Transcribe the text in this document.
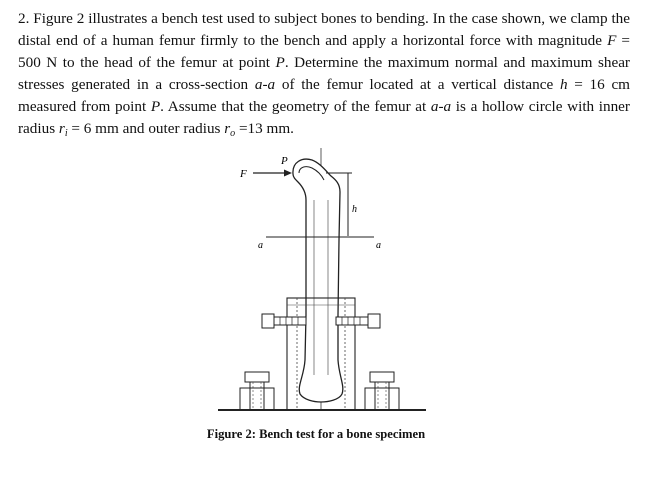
2. Figure 2 illustrates a bench test used to subject bones to bending. In the case shown, we clamp the distal end of a human femur firmly to the bench and apply a horizontal force with magnitude F = 500 N to the head of the femur at point P. Determine the maximum normal and maximum shear stresses generated in a cross-section a-a of the femur located at a vertical distance h = 16 cm measured from point P. Assume that the geometry of the femur at a-a is a hollow circle with inner radius $r_i = 6$ mm and outer radius $r_o =13$ mm.

F
P
h
a	a
Figure 2: Bench test for a bone specimen
